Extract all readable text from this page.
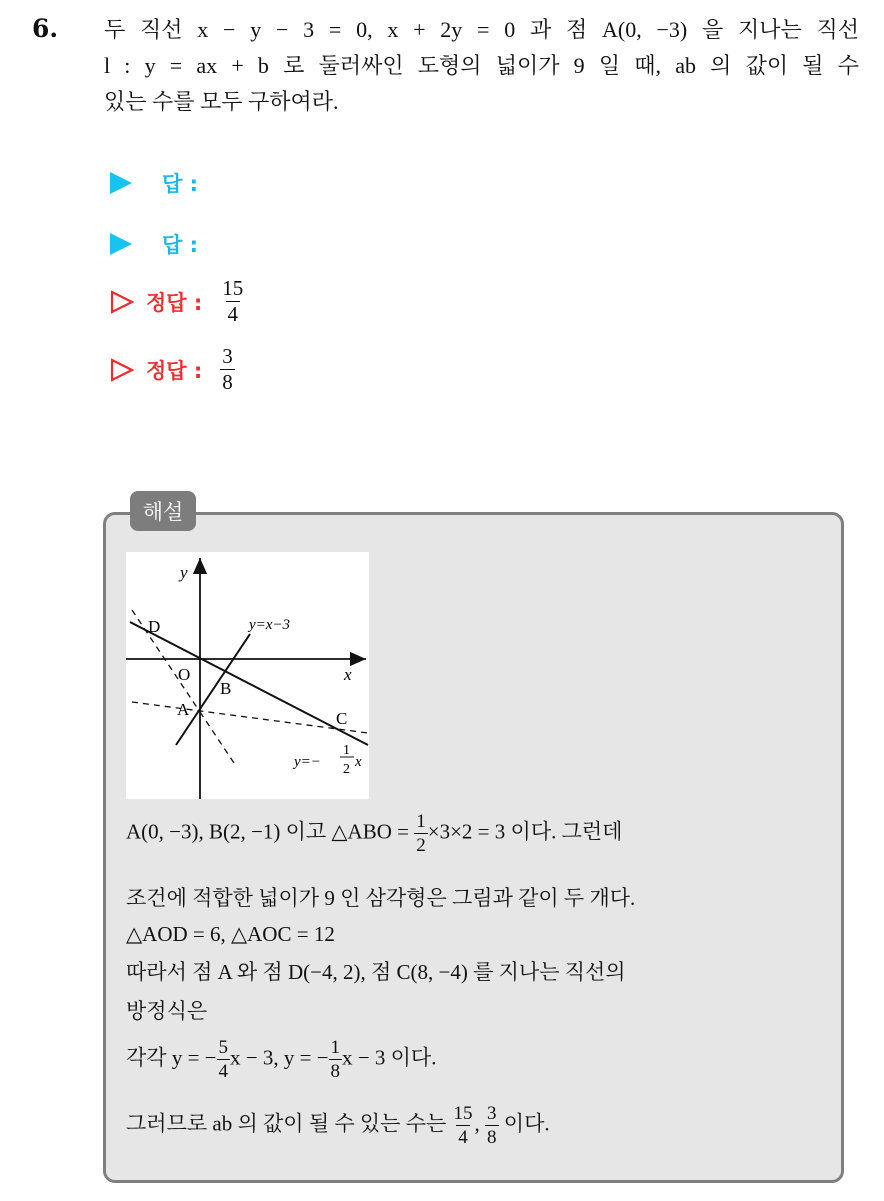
6. 두 직선 x − y − 3 = 0, x + 2y = 0 과 점 A(0, −3) 을 지나는 직선
l : y = ax + b 로 둘러싸인 도형의 넓이가 9 일 때, ab 의 값이 될 수
있는 수를 모두 구하여라.
답 :
답 :
정답 : $\frac{15}{4}$
정답 : $\frac{3}{8}$
해설
y
x
O
B
A	C
D	y=x−3
y=−
1
2 x
A(0, −3), B(2, −1) 이고 △ABO = $\frac{1}{2} \times 3\times 2 = 3$ 이다. 그런데
조건에 적합한 넓이가 9 인 삼각형은 그림과 같이 두 개다.
△AOD = 6, △AOC = 12
따라서 점 A 와 점 D(−4, 2), 점 C(8, −4) 를 지나는 직선의
방정식은
각각 y = − $\frac{5}{4}$ x − 3, y = − $\frac{1}{8}$ x − 3 이다.
그러므로 ab 의 값이 될 수 있는 수는 $\frac{15}{4}$ , $\frac{3}{8}$ 이다.
